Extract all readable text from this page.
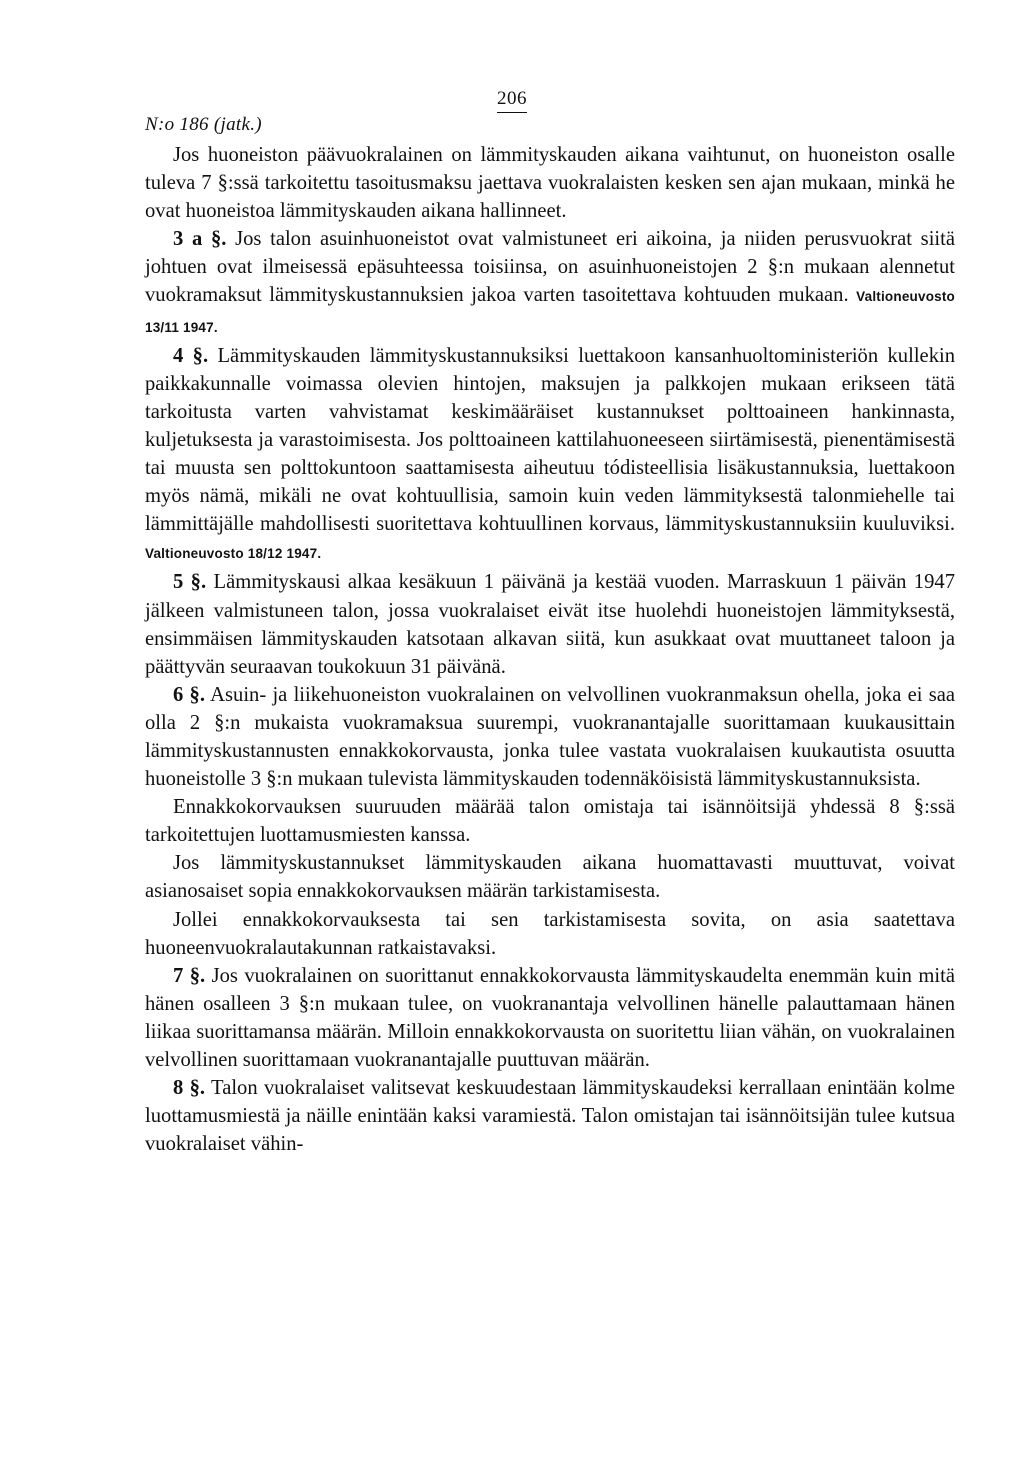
N:o 186 (jatk.)
206

Jos huoneiston päävuokralainen on lämmityskauden aikana vaihtunut, on huoneiston osalle tuleva 7 §:ssä tarkoitettu tasoitusmaksu jaettava vuokralaisten kesken sen ajan mukaan, minkä he ovat huoneistoa lämmityskauden aikana hallinneet.

3 a §. Jos talon asuinhuoneistot ovat valmistuneet eri aikoina, ja niiden perusvuokrat siitä johtuen ovat ilmeisessä epäsuhteessa toisiinsa, on asuinhuoneistojen 2 §:n mukaan alennetut vuokramaksut lämmityskustannuksien jakoa varten tasoitettava kohtuuden mukaan. Valtioneuvosto 13/11 1947.

4 §. Lämmityskauden lämmityskustannuksiksi luettakoon kansanhuoltoministeriön kullekin paikkakunnalle voimassa olevien hintojen, maksujen ja palkkojen mukaan erikseen tätä tarkoitusta varten vahvistamat keskimääräiset kustannukset polttoaineen hankinnasta, kuljetuksesta ja varastoimisesta. Jos polttoaineen kattilahuoneeseen siirtämisestä, pienentämisestä tai muusta sen polttokuntoon saattamisesta aiheutuu tódisteellisia lisäkustannuksia, luettakoon myös nämä, mikäli ne ovat kohtuullisia, samoin kuin veden lämmityksestä talonmiehelle tai lämmittäjälle mahdollisesti suoritettava kohtuullinen korvaus, lämmityskustannuksiin kuuluviksi. Valtioneuvosto 18/12 1947.

5 §. Lämmityskausi alkaa kesäkuun 1 päivänä ja kestää vuoden. Marraskuun 1 päivän 1947 jälkeen valmistuneen talon, jossa vuokralaiset eivät itse huolehdi huoneistojen lämmityksestä, ensimmäisen lämmityskauden katsotaan alkavan siitä, kun asukkaat ovat muuttaneet taloon ja päättyvän seuraavan toukokuun 31 päivänä.

6 §. Asuin- ja liikehuoneiston vuokralainen on velvollinen vuokranmaksun ohella, joka ei saa olla 2 §:n mukaista vuokramaksua suurempi, vuokranantajalle suorittamaan kuukausittain lämmityskustannusten ennakkokorvausta, jonka tulee vastata vuokralaisen kuukautista osuutta huoneistolle 3 §:n mukaan tulevista lämmityskauden todennäköisistä lämmityskustannuksista.

Ennakkokorvauksen suuruuden määrää talon omistaja tai isännöitsijä yhdessä 8 §:ssä tarkoitettujen luottamusmiesten kanssa.

Jos lämmityskustannukset lämmityskauden aikana huomattavasti muuttuvat, voivat asianosaiset sopia ennakkokorvauksen määrän tarkistamisesta.

Jollei ennakkokorvauksesta tai sen tarkistamisesta sovita, on asia saatettava huoneenvuokralautakunnan ratkaistavaksi.

7 §. Jos vuokralainen on suorittanut ennakkokorvausta lämmityskaudelta enemmän kuin mitä hänen osalleen 3 §:n mukaan tulee, on vuokranantaja velvollinen hänelle palauttamaan hänen liikaa suorittamansa määrän. Milloin ennakkokorvausta on suoritettu liian vähän, on vuokralainen velvollinen suorittamaan vuokranantajalle puuttuvan määrän.

8 §. Talon vuokralaiset valitsevat keskuudestaan lämmityskaudeksi kerrallaan enintään kolme luottamusmiestä ja näille enintään kaksi varamiestä. Talon omistajan tai isännöitsijän tulee kutsua vuokralaiset vähin-
